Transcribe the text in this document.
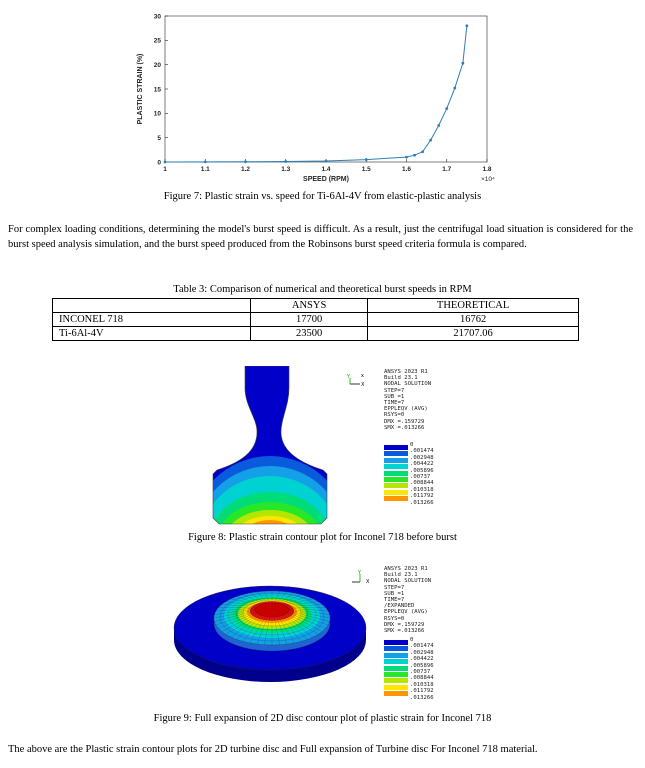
1	1.1	1.2	1.3	1.4	1.5	1.6	1.7	1.8
0
5
10
15
20
25
30
SPEED (RPM)
PLASTIC STRAIN (%)
×10⁴
Figure 7: Plastic strain vs. speed for Ti-6Al-4V from elastic-plastic analysis
For complex loading conditions, determining the model's burst speed is difficult. As a result, just the centrifugal load situation is considered for the burst speed analysis simulation, and the burst speed produced from the Robinsons burst speed criteria formula is compared.
Table 3: Comparison of numerical and theoretical burst speeds in RPM
	ANSYS	THEORETICAL
INCONEL 718	17700	16762
Ti-6Al-4V	23500	21707.06
Y
X
x
ANSYS 2023 R1
Build 23.1
NODAL SOLUTION
STEP=7
SUB =1
TIME=7
EPPLEQV (AVG)
RSYS=0
DMX =.159729
SMX =.013266
0
.001474
.002948
.004422
.005896
.00737
.008844
.010318
.011792
.013266
Figure 8: Plastic strain contour plot for Inconel 718 before burst
Y
X
ANSYS 2023 R1
Build 23.1
NODAL SOLUTION
STEP=7
SUB =1
TIME=7
/EXPANDED
EPPLEQV (AVG)
RSYS=0
DMX =.159729
SMX =.013266
0
.001474
.002948
.004422
.005896
.00737
.008844
.010318
.011792
.013266
Figure 9: Full expansion of 2D disc contour plot of plastic strain for Inconel 718
The above are the Plastic strain contour plots for 2D turbine disc and Full expansion of Turbine disc For Inconel 718 material.
